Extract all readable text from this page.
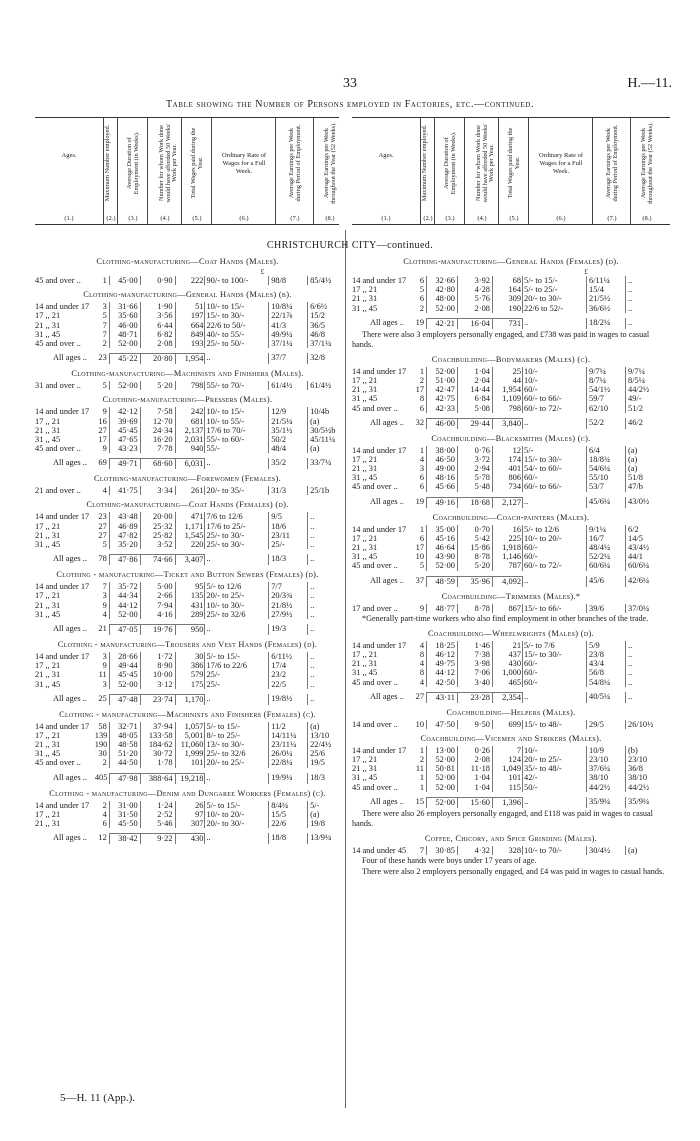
33	H.—11.
Table showing the Number of Persons employed in Factories, etc.—continued.
Ages.
(1.)
Maximum Number employed.
(2.)
Average Duration of Employment (in Weeks).
(3.)
Number for whom Work done would have afforded 50 Weeks' Work per Year.
(4.)
Total Wages paid during the Year.
(5.)
Ordinary Rate of Wages for a Full Week.
(6.)
Average Earnings per Week during Period of Employment.
(7.)
Average Earnings per Week throughout the Year (52 Weeks).
(8.)
Ages.
(1.)
Maximum Number employed.
(2.)
Average Duration of Employment (in Weeks).
(3.)
Number for whom Work done would have afforded 50 Weeks' Work per Year.
(4.)
Total Wages paid during the Year.
(5.)
Ordinary Rate of Wages for a Full Week.
(6.)
Average Earnings per Week during Period of Employment.
(7.)
Average Earnings per Week throughout the Year (52 Weeks).
(8.)
CHRISTCHURCH CITY—continued.
Clothing-manufacturing—Coat Hands (Males).
£
45 and over ..	1	45·00	0·90	222 90/- to 100/-	98/8	85/4½
Clothing-manufacturing—General Hands (Males) (b).
14 and under 17	3	31·66	1·90	51 10/- to 15/-	10/8¼	6/6½
17 ,, 21	5	35·60	3·56	197 15/- to 30/-	22/1⅞	15/2
21 ,, 31	7	46·00	6·44	664 22/6 to 50/-	41/3	36/5
31 ,, 45	7	48·71	6·82	849 40/- to 55/-	49/9¼	46/8
45 and over ..	2	52·00	2·08	193 25/- to 50/-	37/1¼	37/1¼
All ages ..	23	45·22	20·80	1,954 ..	37/7	32/8
Clothing-manufacturing—Machinists and Finishers (Males).
31 and over ..	5	52·00	5·20	798 55/- to 70/-	61/4½	61/4½
Clothing-manufacturing—Pressers (Males).
14 and under 17	9	42·12	7·58	242 10/- to 15/-	12/9	10/4b
17 ,, 21	16	39·69	12·70	681 10/- to 55/-	21/5¼	(a)
21 ,, 31	27	45·45	24·34	2,137 17/6 to 70/-	35/1½	30/5½b
31 ,, 45	17	47·65	16·20	2,031 55/- to 60/-	50/2	45/11¼
45 and over ..	9	43·23	7·78	940 55/-	48/4	(a)
All ages ..	69	49·71	68·60	6,031 ..	35/2	33/7¼
Clothing-manufacturing—Forewomen (Females).
21 and over ..	4	41·75	3·34	261 20/- to 35/-	31/3	25/1b
Clothing-manufacturing—Coat Hands (Females) (d).
14 and under 17	23	43·48	20·00	471 7/6 to 12/6	9/5	..
17 ,, 21	27	46·89	25·32	1,171 17/6 to 25/-	18/6	..
21 ,, 31	27	47·82	25·82	1,545 25/- to 30/-	23/11	..
31 ,, 45	5	35·20	3·52	220 25/- to 30/-	25/-	..
All ages ..	78	47·86	74·66	3,407 ..	18/3	..
Clothing - manufacturing—Ticket and Button Sewers (Females) (d).
14 and under 17	7	35·72	5·00	95 5/- to 12/6	7/7	..
17 ,, 21	3	44·34	2·66	135 20/- to 25/-	20/3¾	..
21 ,, 31	9	44·12	7·94	431 10/- to 30/-	21/8½	..
31 ,, 45	4	52·00	4·16	289 25/- to 32/6	27/9½	..
All ages ..	21	47·05	19·76	950 ..	19/3	..
Clothing - manufacturing—Trousers and Vest Hands (Females) (d).
14 and under 17	3	28·66	1·72	30 5/- to 15/-	6/11½	..
17 ,, 21	9	49·44	8·90	386 17/6 to 22/6	17/4	..
21 ,, 31	11	45·45	10·00	579 25/-	23/2	..
31 ,, 45	3	52·00	3·12	175 25/-	22/5	..
All ages ..	25	47·48	23·74	1,170 ..	19/8½	..
Clothing - manufacturing—Machinists and Finishers (Females) (c).
14 and under 17	58	32·71	37·94	1,057 5/- to 15/-	11/2	(a)
17 ,, 21	139	48·05	133·58	5,001 8/- to 25/-	14/11¼	13/10
21 ,, 31	190	48·58	184·62 11,060 13/- to 30/-	23/11¼	22/4½
31 ,, 45	30	51·20	30·72	1,999 25/- to 32/6	26/0¼	25/6
45 and over ..	2	44·50	1·78	101 20/- to 25/-	22/8¼	19/5
All ages .. 405	47·98	388·64 19,218 ..	19/9¼	18/3
Clothing - manufacturing—Denim and Dungaree Workers (Females) (c).
14 and under 17	2	31·00	1·24	26 5/- to 15/-	8/4¼	5/-
17 ,, 21	4	31·50	2·52	97 10/- to 20/-	15/5	(a)
21 ,, 31	6	45·50	5·46	307 20/- to 30/-	22/6	19/8
All ages ..	12	38·42	9·22	430 ..	18/8	13/9¼
Clothing-manufacturing—General Hands (Females) (d).
£
14 and under 17	6	32·66	3·92	68 5/- to 15/-	6/11¼	..
17 ,, 21	5	42·80	4·28	164 5/- to 25/-	15/4	..
21 ,, 31	6	48·00	5·76	309 20/- to 30/-	21/5½	..
31 ,, 45	2	52·00	2·08	190 22/6 to 52/-	36/6½	..
All ages ..	19	42·21	16·04	731 ..	18/2¼	..
There were also 3 employers personally engaged, and £738 was paid in wages to casual hands.
Coachbuilding—Bodymakers (Males) (c).
14 and under 17	1	52·00	1·04	25 10/-	9/7¼	9/7¼
17 ,, 21	2	51·00	2·04	44 10/-	8/7¼	8/5¼
21 ,, 31	17	42·47	14·44	1,954 60/-	54/1½	44/2½
31 ,, 45	8	42·75	6·84	1,109 60/- to 66/-	59/7	49/-
45 and over ..	6	42·33	5·08	798 60/- to 72/-	62/10	51/2
All ages ..	32	46·00	29·44	3,840 ..	52/2	46/2
Coachbuilding—Blacksmiths (Males) (c).
14 and under 17	1	38·00	0·76	12 5/-	6/4	(a)
17 ,, 21	4	46·50	3·72	174 15/- to 30/-	18/8¾	(a)
21 ,, 31	3	49·00	2·94	401 54/- to 60/-	54/6¼	(a)
31 ,, 45	6	48·16	5·78	806 60/-	55/10	51/8
45 and over ..	6	45·66	5·48	734 60/- to 66/-	53/7	47/b
All ages ..	19	49·16	18·68	2,127 ..	45/6¼	43/0½
Coachbuilding—Coach-painters (Males).
14 and under 17	1	35·00	0·70	16 5/- to 12/6	9/1¼	6/2
17 ,, 21	6	45·16	5·42	225 10/- to 20/-	16/7	14/5
21 ,, 31	17	46·64	15·86	1,918 60/-	48/4¼	43/4½
31 ,, 45	10	43·90	8·78	1,146 60/-	52/2¼	44/1
45 and over ..	5	52·00	5·20	787 60/- to 72/-	60/6¼	60/6¼
All ages ..	37	48·59	35·96	4,092 ..	45/6	42/6¼
Coachbuilding—Trimmers (Males).*
17 and over ..	9	48·77	8·78	867 15/- to 66/-	39/6	37/0¼
*Generally part-time workers who also find employment in other branches of the trade.
Coachbuilding—Wheelwrights (Males) (d).
14 and under 17	4	18·25	1·46	21 5/- to 7/6	5/9	..
17 ,, 21	8	46·12	7·38	437 15/- to 30/-	23/8	..
21 ,, 31	4	49·75	3·98	430 60/-	43/4	..
31 ,, 45	8	44·12	7·06	1,000 60/-	56/8	..
45 and over ..	4	42·50	3·40	465 60/-	54/8¼	..
All ages ..	27	43·11	23·28	2,354 ..	40/5¼	..
Coachbuilding—Helpers (Males).
14 and over ..	10	47·50	9·50	699 15/- to 48/-	29/5	26/10½
Coachbuilding—Vicemen and Strikers (Males).
14 and under 17	1	13·00	0·26	7 10/-	10/9	(b)
17 ,, 21	2	52·00	2·08	124 20/- to 25/-	23/10	23/10
21 ,, 31	11	50·81	11·18	1,049 35/- to 48/-	37/6¼	36/8
31 ,, 45	1	52·00	1·04	101 42/-	38/10	38/10
45 and over ..	1	52·00	1·04	115 50/-	44/2½	44/2½
All ages ..	15	52·00	15·60	1,396 ..	35/9¼	35/9¼
There were also 26 employers personally engaged, and £118 was paid in wages to casual hands.
Coffee, Chicory, and Spice Grinding (Males).
14 and under 45	7	30·85	4·32	328 10/- to 70/-	30/4½	(a)
Four of these hands were boys under 17 years of age.
There were also 2 employers personally engaged, and £4 was paid in wages to casual hands.
5—H. 11 (App.).
